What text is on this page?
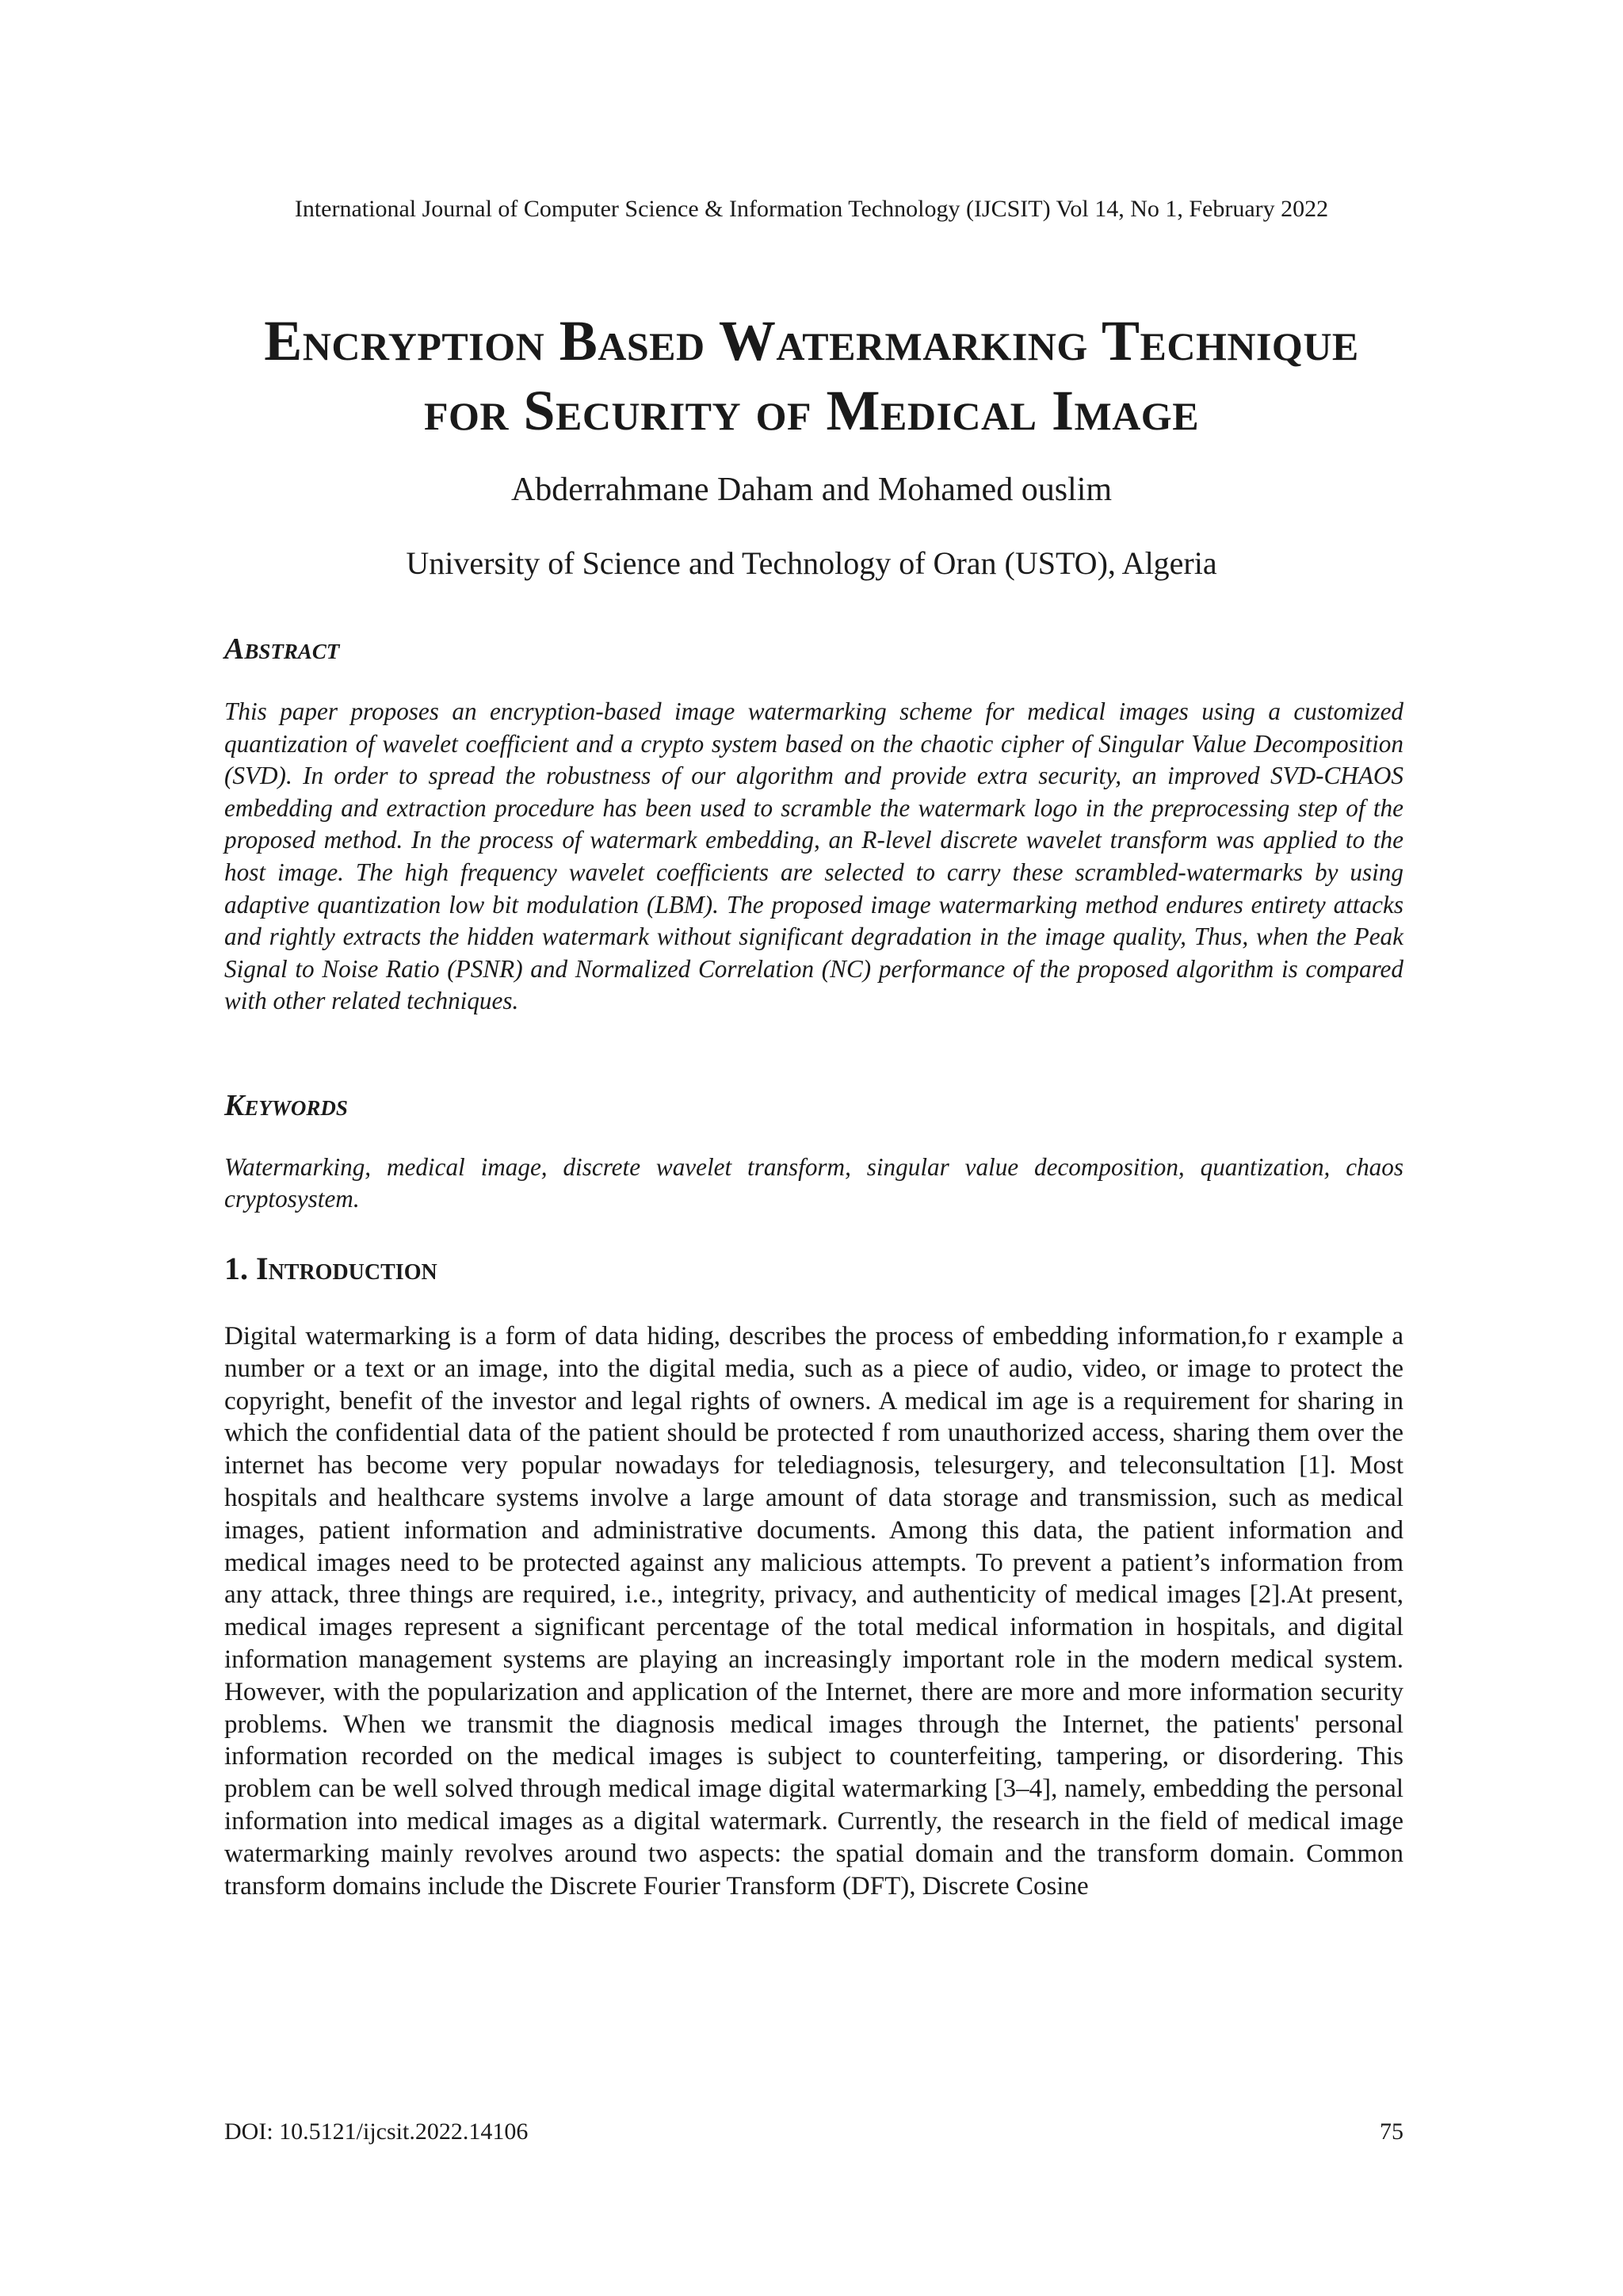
International Journal of Computer Science & Information Technology (IJCSIT) Vol 14, No 1, February 2022
Encryption Based Watermarking Technique
for Security of Medical Image
Abderrahmane Daham and Mohamed ouslim
University of Science and Technology of Oran (USTO), Algeria
Abstract
This paper proposes an encryption-based image watermarking scheme for medical images using a customized quantization of wavelet coefficient and a crypto system based on the chaotic cipher of Singular Value Decomposition (SVD). In order to spread the robustness of our algorithm and provide extra security, an improved SVD-CHAOS embedding and extraction procedure has been used to scramble the watermark logo in the preprocessing step of the proposed method. In the process of watermark embedding, an R-level discrete wavelet transform was applied to the host image. The high frequency wavelet coefficients are selected to carry these scrambled-watermarks by using adaptive quantization low bit modulation (LBM). The proposed image watermarking method endures entirety attacks and rightly extracts the hidden watermark without significant degradation in the image quality, Thus, when the Peak Signal to Noise Ratio (PSNR) and Normalized Correlation (NC) performance of the proposed algorithm is compared with other related techniques.
Keywords
Watermarking, medical image, discrete wavelet transform, singular value decomposition, quantization, chaos cryptosystem.
1. Introduction
Digital watermarking is a form of data hiding, describes the process of embedding information,fo r example a number or a text or an image, into the digital media, such as a piece of audio, video, or image to protect the copyright, benefit of the investor and legal rights of owners. A medical im age is a requirement for sharing in which the confidential data of the patient should be protected f rom unauthorized access, sharing them over the internet has become very popular nowadays for telediagnosis, telesurgery, and teleconsultation [1]. Most hospitals and healthcare systems involve a large amount of data storage and transmission, such as medical images, patient information and administrative documents. Among this data, the patient information and medical images need to be protected against any malicious attempts. To prevent a patient’s information from any attack, three things are required, i.e., integrity, privacy, and authenticity of medical images [2].At present, medical images represent a significant percentage of the total medical information in hospitals, and digital information management systems are playing an increasingly important role in the modern medical system. However, with the popularization and application of the Internet, there are more and more information security problems. When we transmit the diagnosis medical images through the Internet, the patients' personal information recorded on the medical images is subject to counterfeiting, tampering, or disordering. This problem can be well solved through medical image digital watermarking [3–4], namely, embedding the personal information into medical images as a digital watermark. Currently, the research in the field of medical image watermarking mainly revolves around two aspects: the spatial domain and the transform domain. Common transform domains include the Discrete Fourier Transform (DFT), Discrete Cosine
DOI: 10.5121/ijcsit.2022.14106	75
